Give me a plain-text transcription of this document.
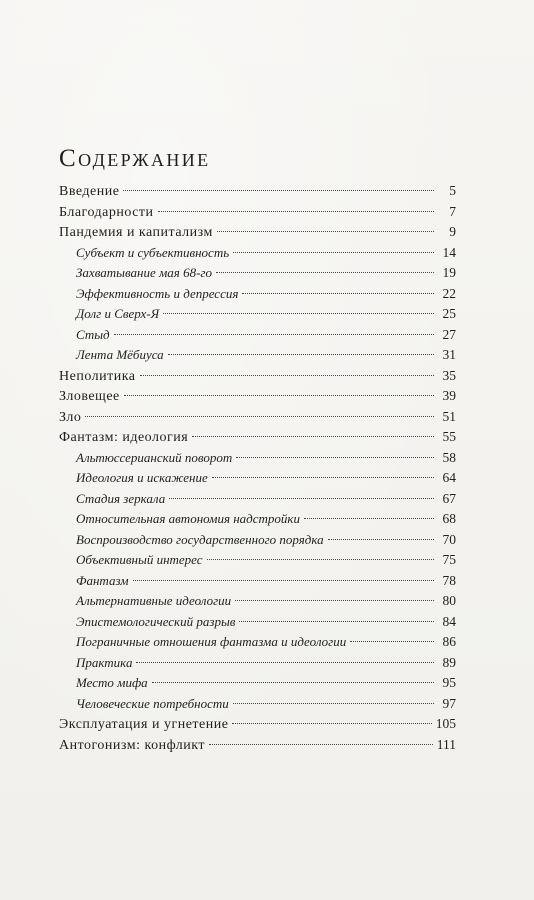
Содержание
Введение	5
Благодарности	7
Пандемия и капитализм	9
Субъект и субъективность	14
Захватывание мая 68-го	19
Эффективность и депрессия	22
Долг и Сверх-Я	25
Стыд	27
Лента Мёбиуса	31
Неполитика	35
Зловещее	39
Зло	51
Фантазм: идеология	55
Альтюссерианский поворот	58
Идеология и искажение	64
Стадия зеркала	67
Относительная автономия надстройки	68
Воспроизводство государственного порядка	70
Объективный интерес	75
Фантазм	78
Альтернативные идеологии	80
Эпистемологический разрыв	84
Пограничные отношения фантазма и идеологии	86
Практика	89
Место мифа	95
Человеческие потребности	97
Эксплуатация и угнетение	105
Антогонизм: конфликт	111
